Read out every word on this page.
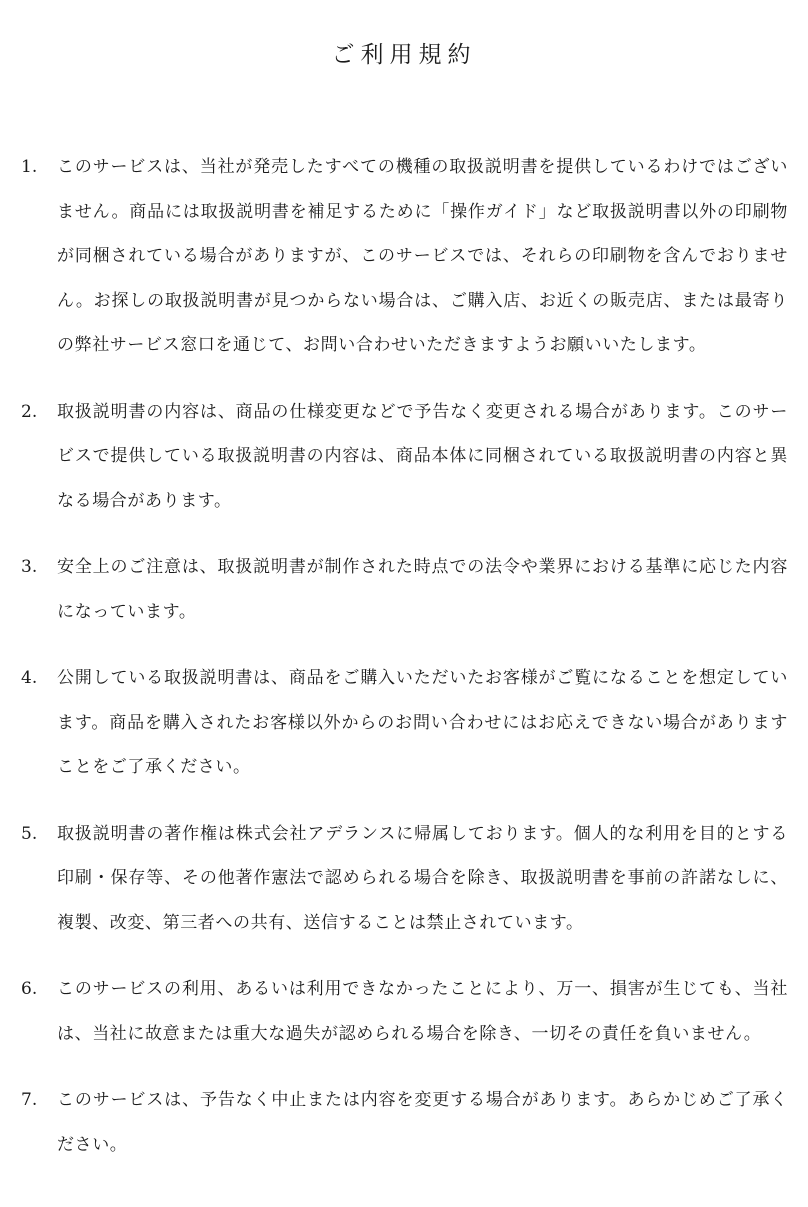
ご利用規約
1. このサービスは、当社が発売したすべての機種の取扱説明書を提供しているわけではございません。商品には取扱説明書を補足するために「操作ガイド」など取扱説明書以外の印刷物が同梱されている場合がありますが、このサービスでは、それらの印刷物を含んでおりません。お探しの取扱説明書が見つからない場合は、ご購入店、お近くの販売店、または最寄りの弊社サービス窓口を通じて、お問い合わせいただきますようお願いいたします。

2. 取扱説明書の内容は、商品の仕様変更などで予告なく変更される場合があります。このサービスで提供している取扱説明書の内容は、商品本体に同梱されている取扱説明書の内容と異なる場合があります。

3. 安全上のご注意は、取扱説明書が制作された時点での法令や業界における基準に応じた内容になっています。

4. 公開している取扱説明書は、商品をご購入いただいたお客様がご覧になることを想定しています。商品を購入されたお客様以外からのお問い合わせにはお応えできない場合がありますことをご了承ください。

5. 取扱説明書の著作権は株式会社アデランスに帰属しております。個人的な利用を目的とする印刷・保存等、その他著作憲法で認められる場合を除き、取扱説明書を事前の許諾なしに、複製、改変、第三者への共有、送信することは禁止されています。

6. このサービスの利用、あるいは利用できなかったことにより、万一、損害が生じても、当社は、当社に故意または重大な過失が認められる場合を除き、一切その責任を負いません。

7. このサービスは、予告なく中止または内容を変更する場合があります。あらかじめご了承ください。
